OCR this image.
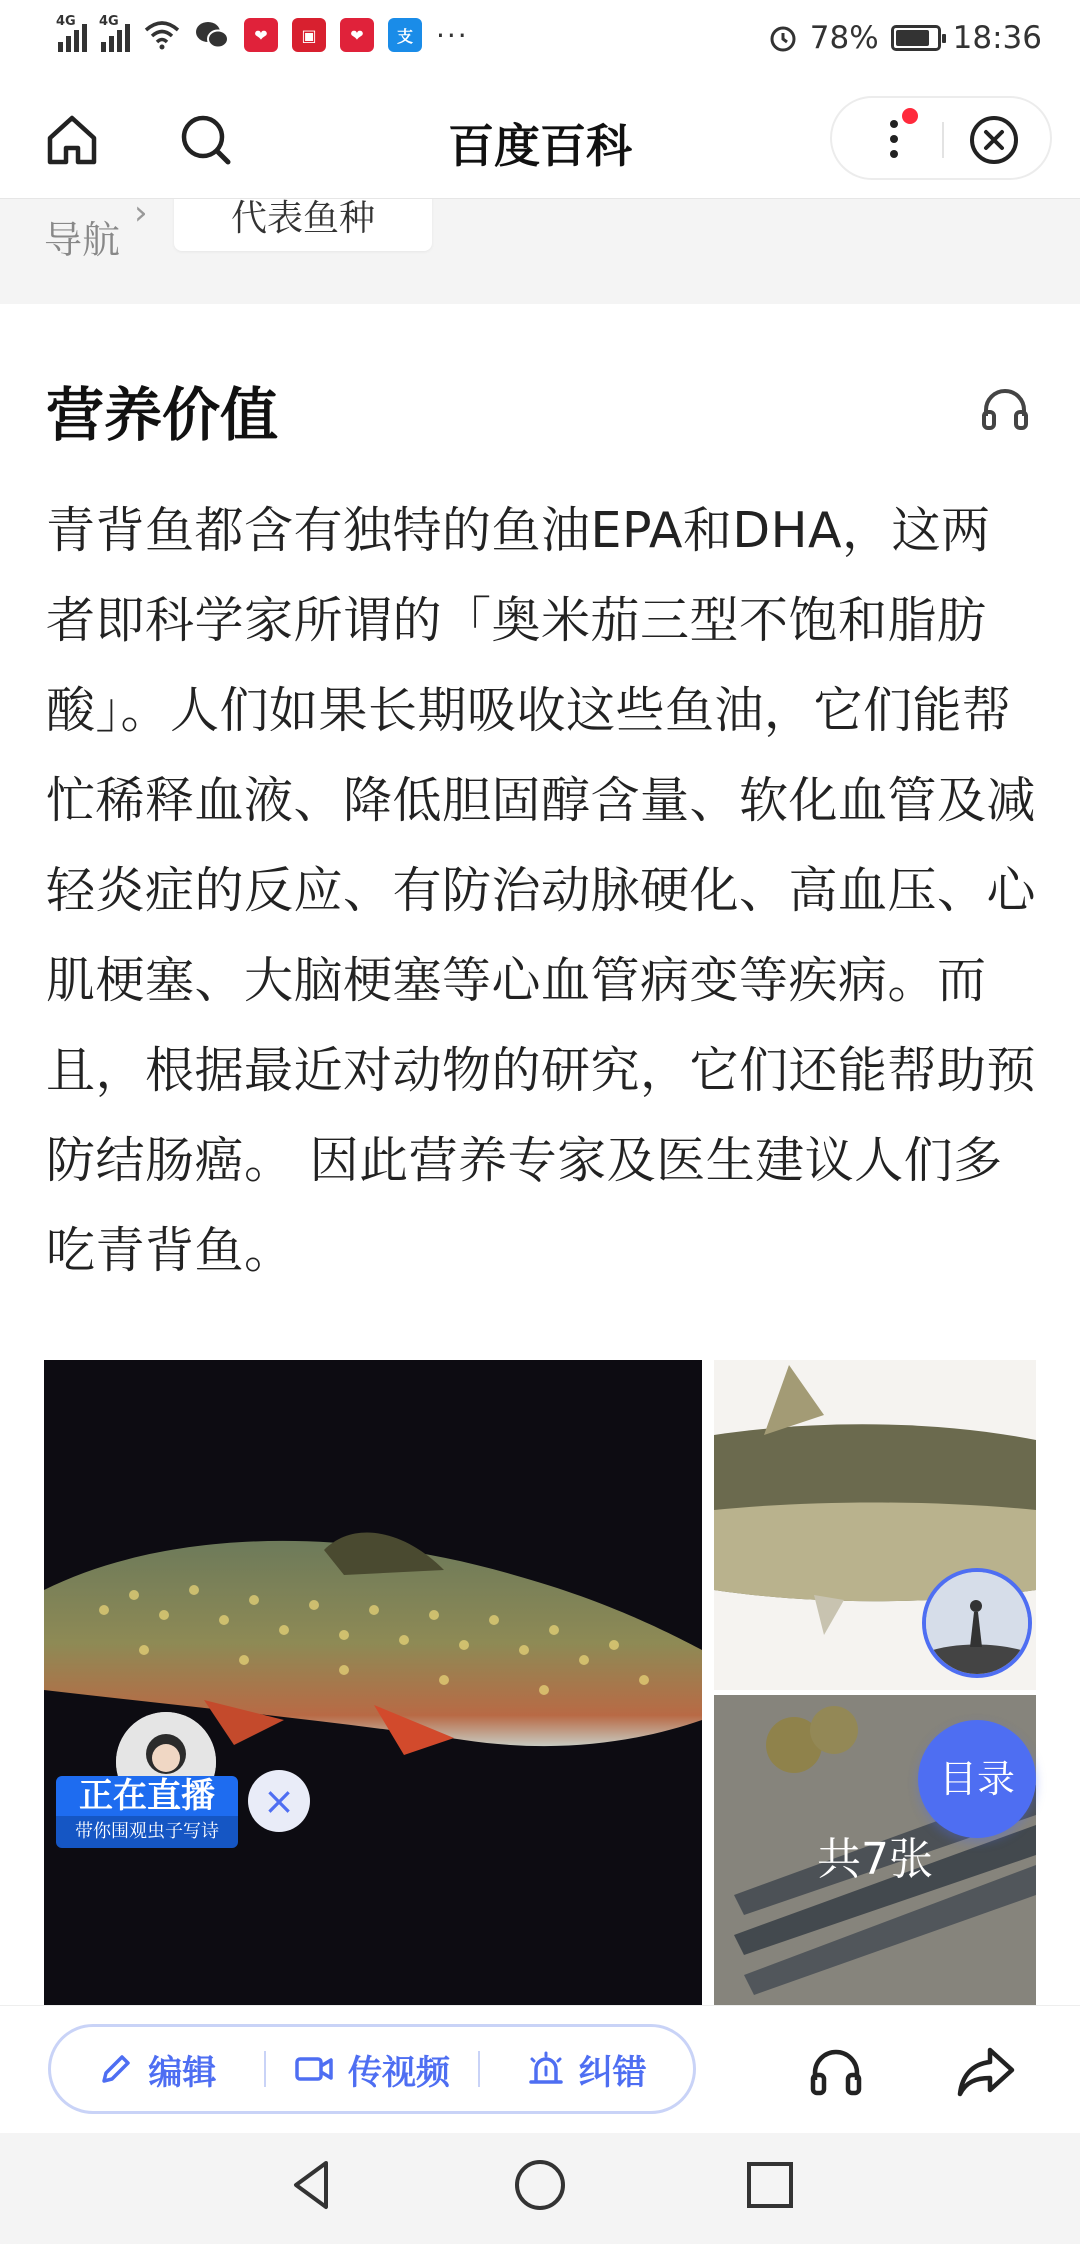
4G 4G
❤	▣	❤	支 ···	78% 18:36
百度百科
导航
›	代表鱼种
营养价值
青背鱼都含有独特的鱼油EPA和DHA，这两者即科学家所谓的「奥米茄三型不饱和脂肪酸」。人们如果长期吸收这些鱼油，它们能帮忙稀释血液、降低胆固醇含量、软化血管及减轻炎症的反应、有防治动脉硬化、高血压、心肌梗塞、大脑梗塞等心血管病变等疾病。而且，根据最近对动物的研究，它们还能帮助预防结肠癌。 因此营养专家及医生建议人们多吃青背鱼。
共7张
正在直播
带你围观虫子写诗
×	目录
编辑	传视频	纠错
